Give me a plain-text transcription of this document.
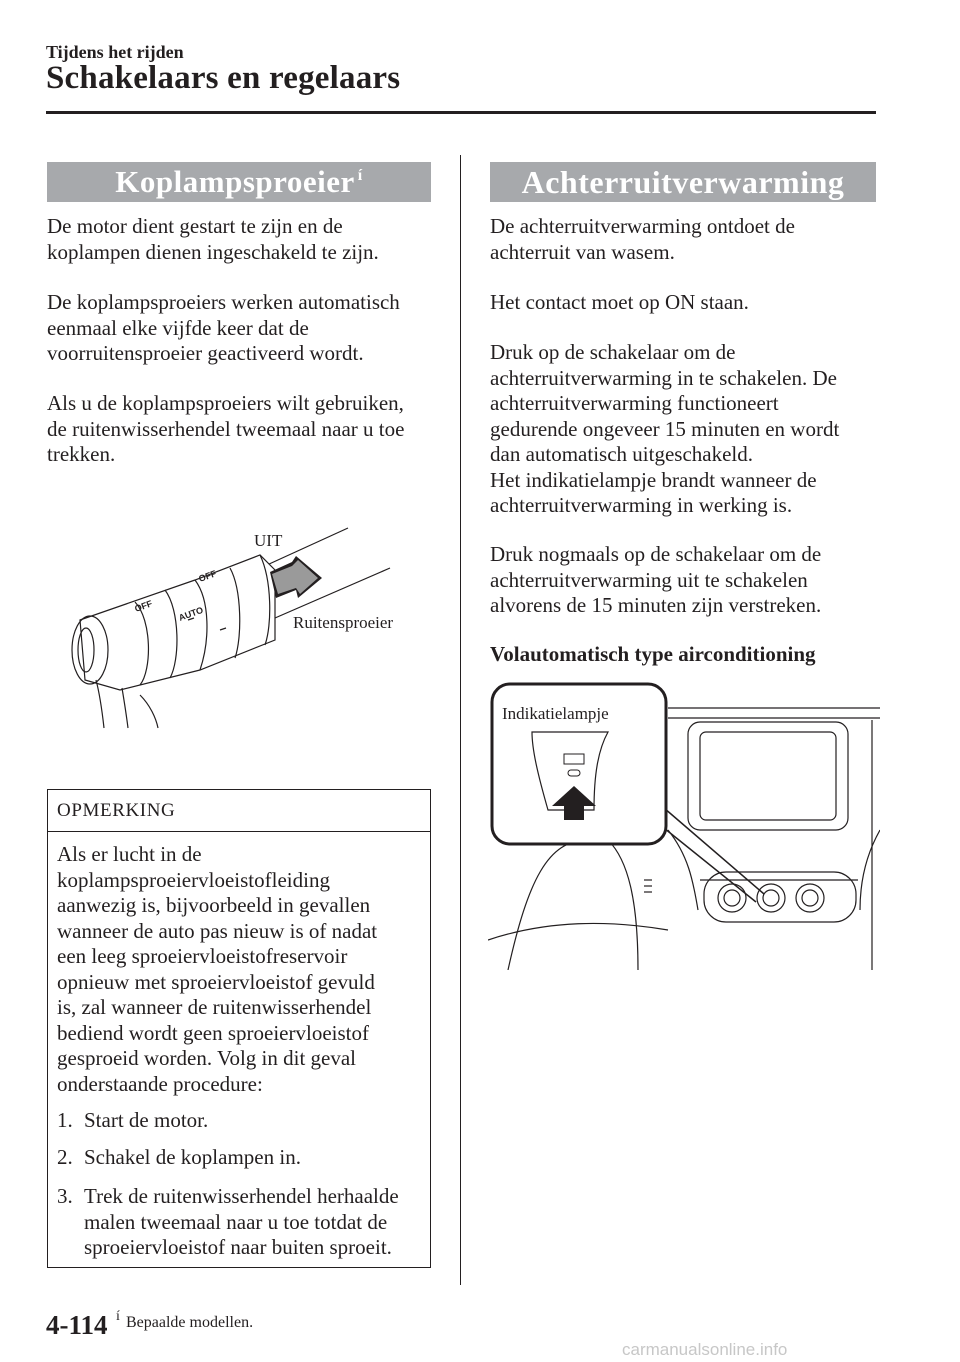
Tijdens het rijden
Schakelaars en regelaars
Koplampsproeier $^í$

De motor dient gestart te zijn en de
koplampen dienen ingeschakeld te zijn.

De koplampsproeiers werken automatisch
eenmaal elke vijfde keer dat de
voorruitensproeier geactiveerd wordt.

Als u de koplampsproeiers wilt gebruiken,
de ruitenwisserhendel tweemaal naar u toe
trekken.

AUTO
OFF
OFF
UIT
Ruitensproeier
OPMERKING

Als er lucht in de
koplampsproeiervloeistofleiding
aanwezig is, bijvoorbeeld in gevallen
wanneer de auto pas nieuw is of nadat
een leeg sproeiervloeistofreservoir
opnieuw met sproeiervloeistof gevuld
is, zal wanneer de ruitenwisserhendel
bediend wordt geen sproeiervloeistof
gesproeid worden. Volg in dit geval
onderstaande procedure:

1. Start de motor.
2. Schakel de koplampen in.
3. Trek de ruitenwisserhendel herhaalde
malen tweemaal naar u toe totdat de
sproeiervloeistof naar buiten sproeit.
Achterruitverwarming

De achterruitverwarming ontdoet de
achterruit van wasem.

Het contact moet op ON staan.

Druk op de schakelaar om de
achterruitverwarming in te schakelen. De
achterruitverwarming functioneert
gedurende ongeveer 15 minuten en wordt
dan automatisch uitgeschakeld.
Het indikatielampje brandt wanneer de
achterruitverwarming in werking is.

Druk nogmaals op de schakelaar om de
achterruitverwarming uit te schakelen
alvorens de 15 minuten zijn verstreken.

Volautomatisch type airconditioning
Indikatielampje
4-114 í Bepaalde modellen.
carmanualsonline.info
